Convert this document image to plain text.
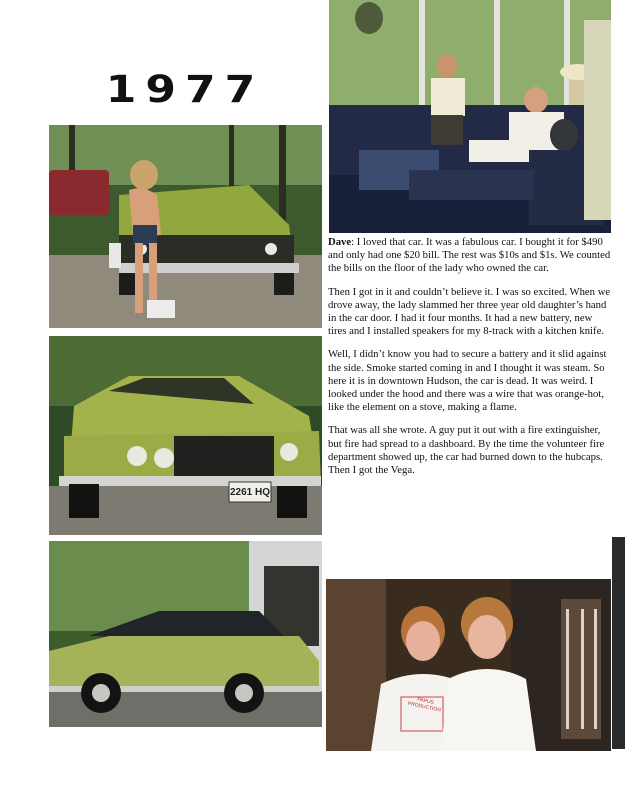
1977
2261 HQ

Dave: I loved that car. It was a fabulous car. I bought it for $490 and only had one $20 bill. The rest was $10s and $1s. We counted the bills on the floor of the lady who owned the car.

Then I got in it and couldn’t believe it. I was so excited. When we drove away, the lady slammed her three year old daughter’s hand in the car door. I had it four months. It had a new battery, new tires and I installed speakers for my 8-track with a kitchen knife.

Well, I didn’t know you had to secure a battery and it slid against the side. Smoke started coming in and I thought it was steam. So here it is in downtown Hudson, the car is dead. It was weird. I looked under the hood and there was a wire that was orange-hot, like the element on a stove, making a flame.

That was all she wrote. A guy put it out with a fire extinguisher, but fire had spread to a dashboard. By the time the volunteer fire department showed up, the car had burned down to the hubcaps. Then I got the Vega.

PAPUS PRODUCTION
